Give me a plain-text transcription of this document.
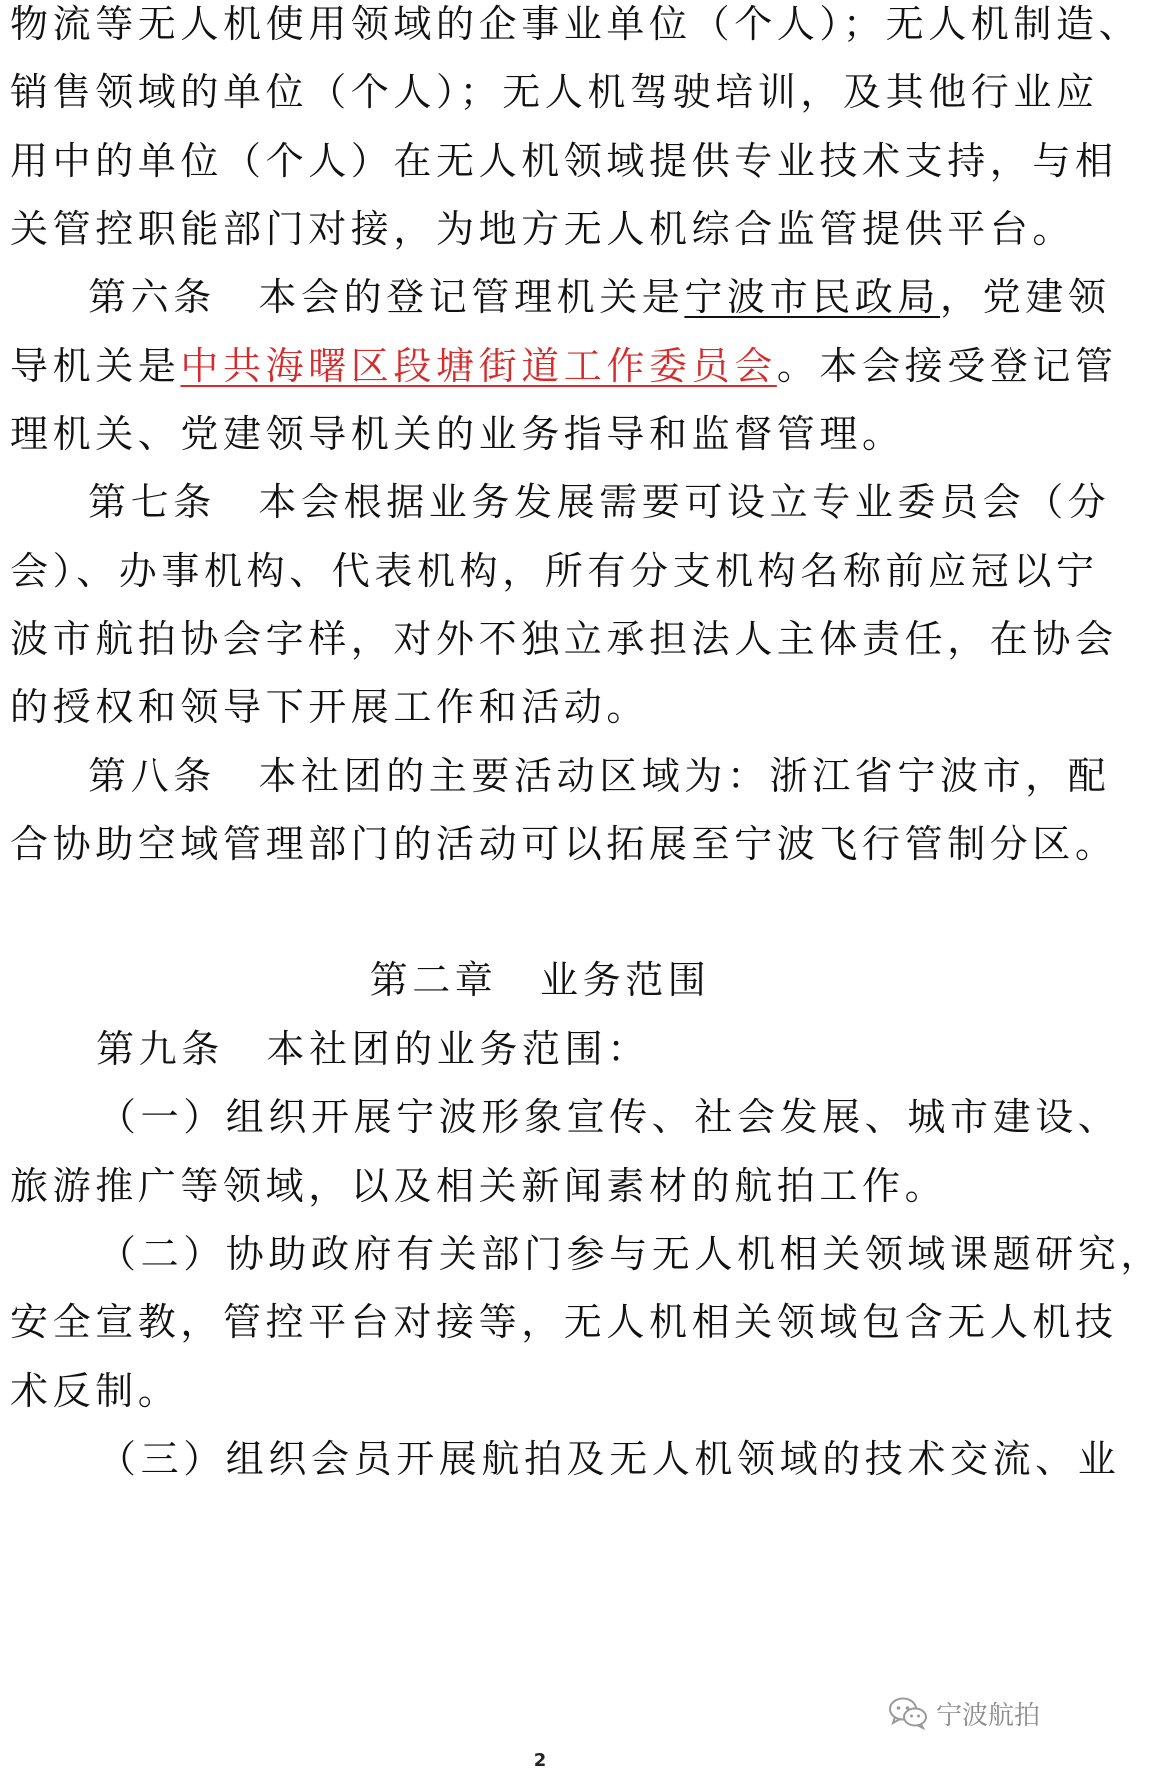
物流等无人机使用领域的企事业单位（个人）；无人机制造、
销售领域的单位（个人）；无人机驾驶培训，及其他行业应
用中的单位（个人）在无人机领域提供专业技术支持，与相
关管控职能部门对接，为地方无人机综合监管提供平台。
第六条　本会的登记管理机关是宁波市民政局，党建领
导机关是中共海曙区段塘街道工作委员会。本会接受登记管
理机关、党建领导机关的业务指导和监督管理。
第七条　本会根据业务发展需要可设立专业委员会（分
会）、办事机构、代表机构，所有分支机构名称前应冠以宁
波市航拍协会字样，对外不独立承担法人主体责任，在协会
的授权和领导下开展工作和活动。
第八条　本社团的主要活动区域为：浙江省宁波市，配
合协助空域管理部门的活动可以拓展至宁波飞行管制分区。
第二章　业务范围
第九条　本社团的业务范围：
（一）组织开展宁波形象宣传、社会发展、城市建设、
旅游推广等领域，以及相关新闻素材的航拍工作。
（二）协助政府有关部门参与无人机相关领域课题研究，
安全宣教，管控平台对接等，无人机相关领域包含无人机技
术反制。
（三）组织会员开展航拍及无人机领域的技术交流、业
宁波航拍
2
